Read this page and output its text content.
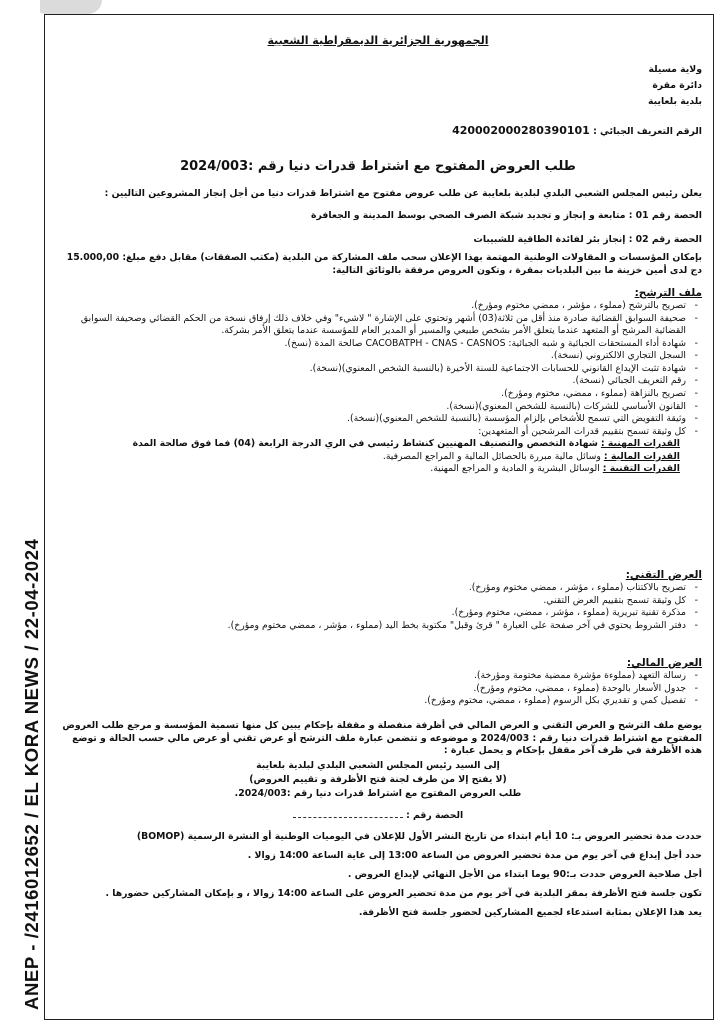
ANEP - /2416012652 / EL KORA NEWS / 22-04-2024
الجمهورية الجزائرية الديمقراطية الشعبية
ولاية مسيلة
دائرة مقرة
بلدية بلعايبة
الرقم التعريف الجبائي : 420002000280390101
طلب العروض المفتوح مع اشتراط قدرات دنيا رقم :2024/003
يعلن رئيس المجلس الشعبي البلدي لبلدية بلعايبة عن طلب عروض مفتوح مع اشتراط قدرات دنيا من أجل إنجاز المشروعين التاليين :
الحصة رقم 01 : متابعة و إنجاز و تجديد شبكة الصرف الصحي بوسط المدينة و الجعافرة
الحصة رقم 02 : إنجاز بئر لفائدة الطاقية للشبيبات
بإمكان المؤسسات و المقاولات الوطنية المهتمة بهذا الإعلان سحب ملف المشاركة من البلدية (مكتب الصفقات) مقابل دفع مبلغ: 15.000,00 دج لدى أمين خزينة ما بين البلديات بمقرة ، وتكون العروض مرفقة بالوثائق التالية:
ملف الترشح:
- تصريح بالترشح (مملوء ، مؤشر ، ممضي مختوم ومؤرخ).
- صحيفة السوابق القضائية صادرة منذ أقل من ثلاثة(03) أشهر وتحتوي على الإشارة " لاشيء" وفي خلاف ذلك إرفاق نسخة من الحكم القضائي وصحيفة السوابق القضائية المرشح أو المتعهد عندما يتعلق الأمر بشخص طبيعي والمسير أو المدير العام للمؤسسة عندما يتعلق الأمر بشركة.
- شهادة أداء المستحقات الجبائية و شبه الجبائية: CACOBATPH - CNAS - CASNOS صالحة المدة (نسخ).
- السجل التجاري الالكتروني (نسخة).
- شهادة تثبت الإيداع القانوني للحسابات الاجتماعية للسنة الأخيرة (بالنسبة الشخص المعنوي)(نسخة).
- رقم التعريف الجبائي (نسخة).
- تصريح بالنزاهة (مملوء ، ممضي، مختوم ومؤرخ).
- القانون الأساسي للشركات (بالنسبة للشخص المعنوي)(نسخة).
- وثيقة التفويض التي تسمح للأشخاص بإلزام المؤسسة (بالنسبة للشخص المعنوي)(نسخة).
- كل وثيقة تسمح بتقييم قدرات المرشحين أو المتعهدين:
القدرات المهنية : شهادة التخصص والتصنيف المهنيين كنشاط رئيسي في الري الدرجة الرابعة (04) فما فوق صالحة المدة
القدرات المالية : وسائل مالية مبررة بالحصائل المالية و المراجع المصرفية.
القدرات التقنية : الوسائل البشرية و المادية و المراجع المهنية.
العرض التقني:
- تصريح بالاكتتاب (مملوء ، مؤشر ، ممضي مختوم ومؤرخ).
- كل وثيقة تسمح بتقييم العرض التقني.
- مذكرة تقنية تبريرية (مملوء ، مؤشر ، ممضي، مختوم ومؤرخ).
- دفتر الشروط يحتوي في آخر صفحة على العبارة " قرئ وقبل" مكتوبة بخط اليد (مملوء ، مؤشر ، ممضي مختوم ومؤرخ).
العرض المالي:
- رسالة التعهد (مملوءة مؤشرة ممضية مختومة ومؤرخة).
- جدول الأسعار بالوحدة (مملوء ، ممضي، مختوم ومؤرخ).
- تفصيل كمي و تقديري بكل الرسوم (مملوء ، ممضي، مختوم ومؤرخ).
يوضع ملف الترشح و العرض التقني و العرض المالي في أظرفة منفصلة و مقفلة بإحكام يبين كل منها تسمية المؤسسة و مرجع طلب العروض المفتوح مع اشتراط قدرات دنيا رقم : 2024/003 و موضوعه و تتضمن عبارة ملف الترشح أو عرض تقني أو عرض مالي حسب الحالة و توضع هذه الأظرفة في ظرف آخر مقفل بإحكام و يحمل عبارة :
إلى السيد رئيس المجلس الشعبي البلدي لبلدية بلعايبة
(لا يفتح إلا من طرف لجنة فتح الأظرفة و تقييم العروض)
طلب العروض المفتوح مع اشتراط قدرات دنيا رقم :2024/003.
الحصة رقم :
حددت مدة تحضير العروض بـ: 10 أيام ابتداء من تاريخ النشر الأول للإعلان في اليوميات الوطنية أو النشرة الرسمية (BOMOP)
حدد أجل إيداع في آخر يوم من مدة تحضير العروض من الساعة 13:00 إلى غاية الساعة 14:00 زوالا .
أجل صلاحية العروض حددت بـ:90 يوما ابتداء من الأجل النهائي لإيداع العروض .
تكون جلسة فتح الأظرفة بمقر البلدية في آخر يوم من مدة تحضير العروض على الساعة 14:00 زوالا ، و بإمكان المشاركين حضورها .
يعد هذا الإعلان بمثابة استدعاء لجميع المشاركين لحضور جلسة فتح الأظرفة.
